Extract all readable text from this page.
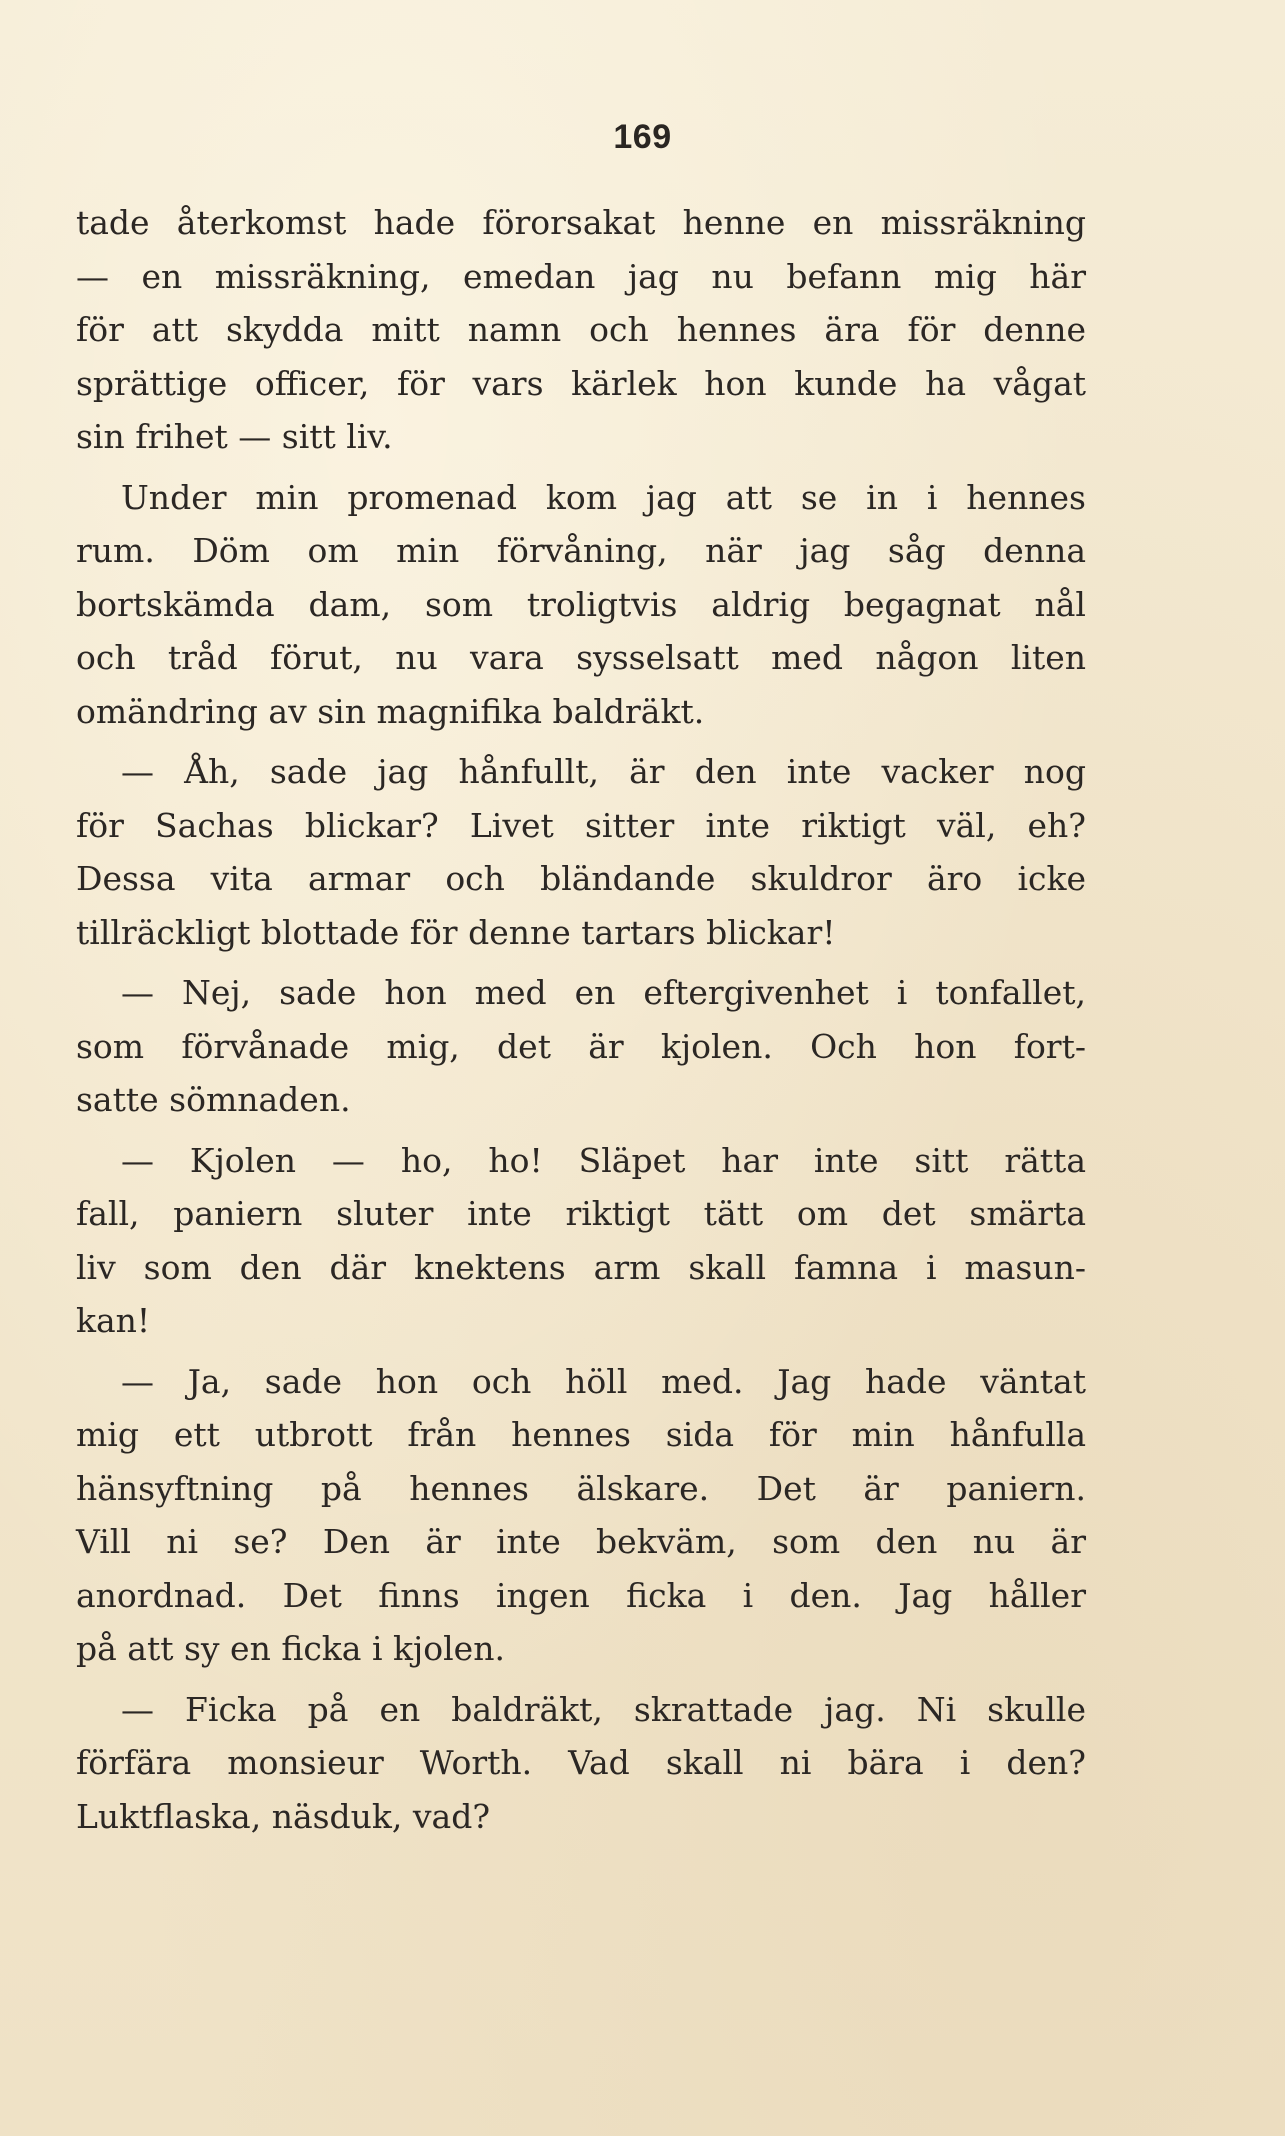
169
tade återkomst hade förorsakat henne en missräkning
— en missräkning, emedan jag nu befann mig här
för att skydda mitt namn och hennes ära för denne
sprättige officer, för vars kärlek hon kunde ha vågat
sin frihet — sitt liv.
Under min promenad kom jag att se in i hennes
rum. Döm om min förvåning, när jag såg denna
bortskämda dam, som troligtvis aldrig begagnat nål
och tråd förut, nu vara sysselsatt med någon liten
omändring av sin magnifika baldräkt.
— Åh, sade jag hånfullt, är den inte vacker nog
för Sachas blickar? Livet sitter inte riktigt väl, eh?
Dessa vita armar och bländande skuldror äro icke
tillräckligt blottade för denne tartars blickar!
— Nej, sade hon med en eftergivenhet i tonfallet,
som förvånade mig, det är kjolen. Och hon fort-
satte sömnaden.
— Kjolen — ho, ho! Släpet har inte sitt rätta
fall, paniern sluter inte riktigt tätt om det smärta
liv som den där knektens arm skall famna i masun-
kan!
— Ja, sade hon och höll med. Jag hade väntat
mig ett utbrott från hennes sida för min hånfulla
hänsyftning på hennes älskare. Det är paniern.
Vill ni se? Den är inte bekväm, som den nu är
anordnad. Det finns ingen ficka i den. Jag håller
på att sy en ficka i kjolen.
— Ficka på en baldräkt, skrattade jag. Ni skulle
förfära monsieur Worth. Vad skall ni bära i den?
Luktflaska, näsduk, vad?
